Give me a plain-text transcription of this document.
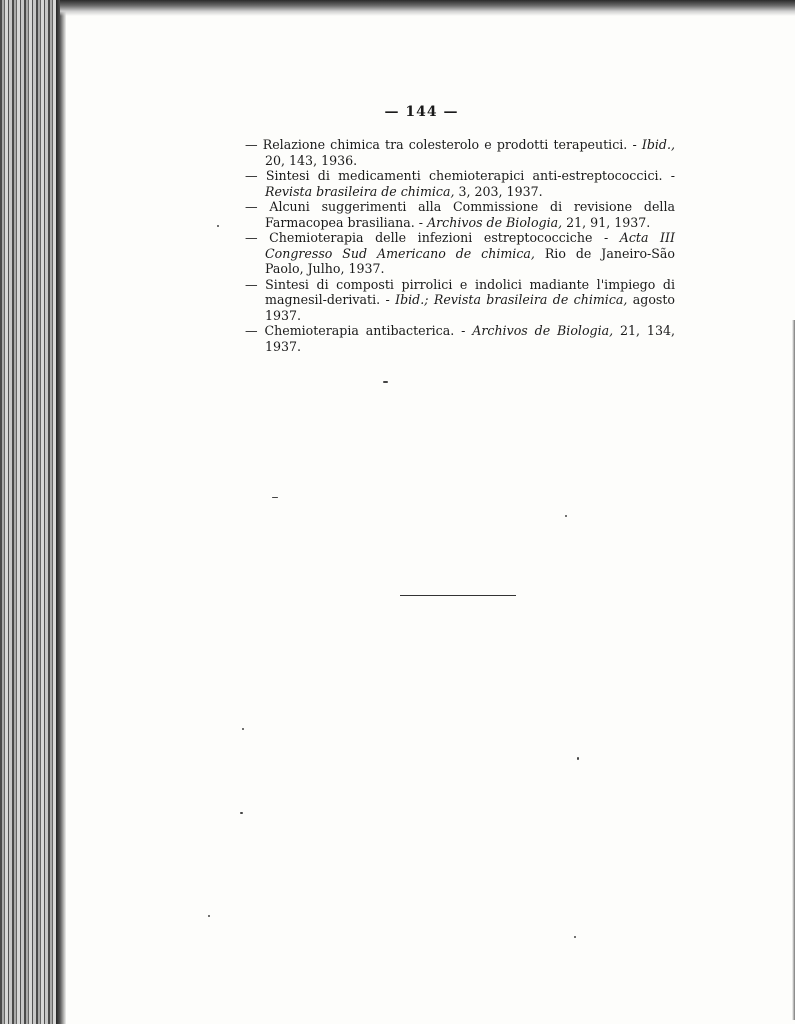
— 144 —
— Relazione chimica tra colesterolo e prodotti terapeutici. - Ibid., 20, 143, 1936.
— Sintesi di medicamenti chemioterapici anti-estreptococcici. - Revista brasileira de chimica, 3, 203, 1937.
— Alcuni suggerimenti alla Commissione di revisione della Farmacopea brasiliana. - Archivos de Biologia, 21, 91, 1937.
— Chemioterapia delle infezioni estreptococciche - Acta III Congresso Sud Americano de chimica, Rio de Janeiro-São Paolo, Julho, 1937.
— Sintesi di composti pirrolici e indolici madiante l'impiego di magnesil-derivati. - Ibid.; Revista brasileira de chimica, agosto 1937.
— Chemioterapia antibacterica. - Archivos de Biologia, 21, 134, 1937.
